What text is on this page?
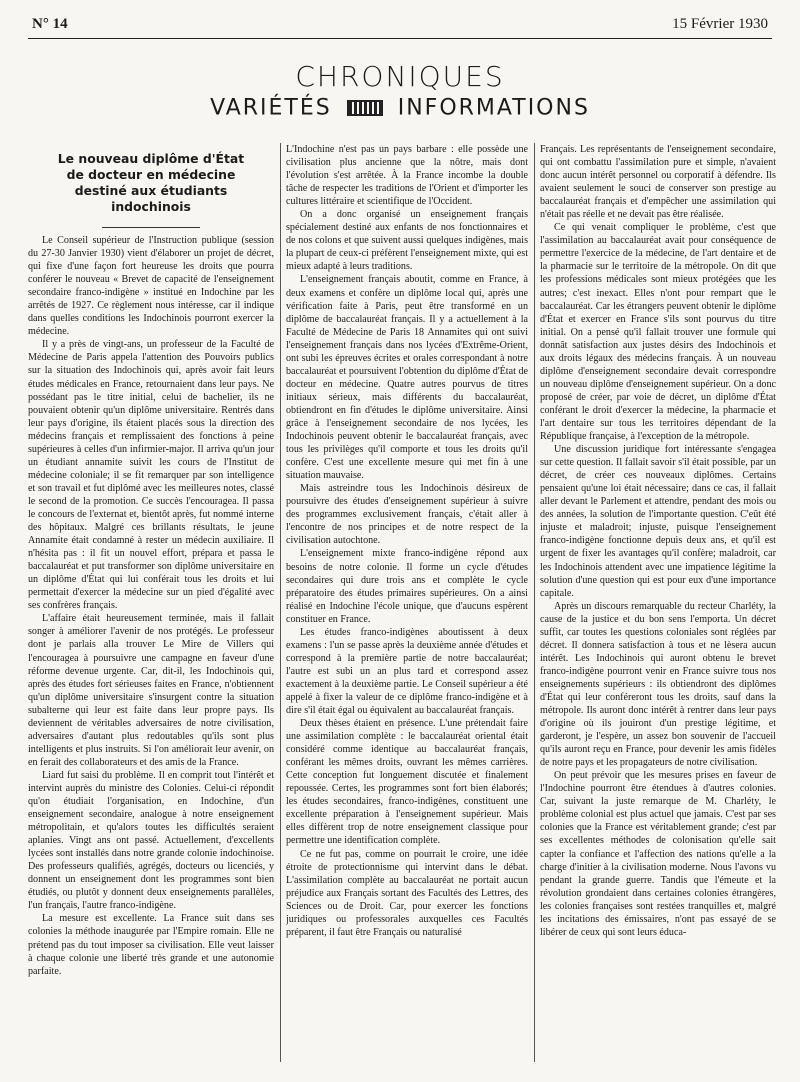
N° 14	15 Février 1930
CHRONIQUES
VARIÉTÉS	INFORMATIONS
Le nouveau diplôme d'État
de docteur en médecine
destiné aux étudiants indochinois

Le Conseil supérieur de l'Instruction publique (session du 27-30 Janvier 1930) vient d'élaborer un projet de décret, qui fixe d'une façon fort heureuse les droits que pourra conférer le nouveau « Brevet de capacité de l'enseignement secondaire franco-indigène » institué en Indochine par les arrêtés de 1927. Ce règlement nous intéresse, car il indique dans quelles conditions les Indochinois pourront exercer la médecine.

Il y a près de vingt-ans, un professeur de la Faculté de Médecine de Paris appela l'attention des Pouvoirs publics sur la situation des Indochinois qui, après avoir fait leurs études médicales en France, retournaient dans leur pays. Ne possédant pas le titre initial, celui de bachelier, ils ne pouvaient obtenir qu'un diplôme universitaire. Rentrés dans leur pays d'origine, ils étaient placés sous la direction des médecins français et remplissaient des fonctions à peine supérieures à celles d'un infirmier-major. Il arriva qu'un jour un étudiant annamite suivit les cours de l'Institut de médecine coloniale; il se fit remarquer par son intelligence et son travail et fut diplômé avec les meilleures notes, classé le second de la promotion. Ce succès l'encouragea. Il passa le concours de l'externat et, bientôt après, fut nommé interne des hôpitaux. Malgré ces brillants résultats, le jeune Annamite était condamné à rester un médecin auxiliaire. Il n'hésita pas : il fit un nouvel effort, prépara et passa le baccalauréat et put transformer son diplôme universitaire en un diplôme d'État qui lui conférait tous les droits et lui permettait d'exercer la médecine sur un pied d'égalité avec ses confrères français.

L'affaire était heureusement terminée, mais il fallait songer à améliorer l'avenir de nos protégés. Le professeur dont je parlais alla trouver Le Mire de Villers qui l'encouragea à poursuivre une campagne en faveur d'une réforme devenue urgente. Car, dit-il, les Indochinois qui, après des études fort sérieuses faites en France, n'obtiennent qu'un diplôme universitaire s'insurgent contre la situation subalterne qui leur est faite dans leur propre pays. Ils deviennent de véritables adversaires de notre civilisation, adversaires d'autant plus redoutables qu'ils sont plus intelligents et plus instruits. Si l'on améliorait leur avenir, on en ferait des collaborateurs et des amis de la France.

Liard fut saisi du problème. Il en comprit tout l'intérêt et intervint auprès du ministre des Colonies. Celui-ci répondit qu'on étudiait l'organisation, en Indochine, d'un enseignement secondaire, analogue à notre enseignement métropolitain, et qu'alors toutes les difficultés seraient aplanies. Vingt ans ont passé. Actuellement, d'excellents lycées sont installés dans notre grande colonie indochinoise. Des professeurs qualifiés, agrégés, docteurs ou licenciés, y donnent un enseignement dont les programmes sont bien étudiés, ou plutôt y donnent deux enseignements parallèles, l'un français, l'autre franco-indigène.

La mesure est excellente. La France suit dans ses colonies la méthode inaugurée par l'Empire romain. Elle ne prétend pas du tout imposer sa civilisation. Elle veut laisser à chaque colonie une liberté très grande et une autonomie parfaite.

L'Indochine n'est pas un pays barbare : elle possède une civilisation plus ancienne que la nôtre, mais dont l'évolution s'est arrêtée. À la France incombe la double tâche de respecter les traditions de l'Orient et d'importer les cultures littéraire et scientifique de l'Occident.

On a donc organisé un enseignement français spécialement destiné aux enfants de nos fonctionnaires et de nos colons et que suivent aussi quelques indigènes, mais la plupart de ceux-ci préfèrent l'enseignement mixte, qui est mieux adapté à leurs traditions.

L'enseignement français aboutit, comme en France, à deux examens et confère un diplôme local qui, après une vérification faite à Paris, peut être transformé en un diplôme de baccalauréat français. Il y a actuellement à la Faculté de Médecine de Paris 18 Annamites qui ont suivi l'enseignement français dans nos lycées d'Extrême-Orient, ont subi les épreuves écrites et orales correspondant à notre baccalauréat et poursuivent l'obtention du diplôme d'État de docteur en médecine. Quatre autres pourvus de titres initiaux sérieux, mais différents du baccalauréat, obtiendront en fin d'études le diplôme universitaire. Ainsi grâce à l'enseignement secondaire de nos lycées, les Indochinois peuvent obtenir le baccalauréat français, avec tous les privilèges qu'il comporte et tous les droits qu'il confère. C'est une excellente mesure qui met fin à une situation mauvaise.

Mais astreindre tous les Indochinois désireux de poursuivre des études d'enseignement supérieur à suivre des programmes exclusivement français, c'était aller à l'encontre de nos principes et de notre respect de la civilisation autochtone.

L'enseignement mixte franco-indigène répond aux besoins de notre colonie. Il forme un cycle d'études secondaires qui dure trois ans et complète le cycle préparatoire des études primaires supérieures. On a ainsi réalisé en Indochine l'école unique, que d'aucuns espèrent constituer en France.

Les études franco-indigènes aboutissent à deux examens : l'un se passe après la deuxième année d'études et correspond à la première partie de notre baccalauréat; l'autre est subi un an plus tard et correspond assez exactement à la deuxième partie. Le Conseil supérieur a été appelé à fixer la valeur de ce diplôme franco-indigène et à dire s'il était égal ou équivalent au baccalauréat français.

Deux thèses étaient en présence. L'une prétendait faire une assimilation complète : le baccalauréat oriental était considéré comme identique au baccalauréat français, conférant les mêmes droits, ouvrant les mêmes carrières. Cette conception fut longuement discutée et finalement repoussée. Certes, les programmes sont fort bien élaborés; les études secondaires, franco-indigènes, constituent une excellente préparation à l'enseignement supérieur. Mais elles diffèrent trop de notre enseignement classique pour permettre une identification complète.

Ce ne fut pas, comme on pourrait le croire, une idée étroite de protectionnisme qui intervint dans le débat. L'assimilation complète au baccalauréat ne portait aucun préjudice aux Français sortant des Facultés des Lettres, des Sciences ou de Droit. Car, pour exercer les fonctions juridiques ou professorales auxquelles ces Facultés préparent, il faut être Français ou naturalisé

Français. Les représentants de l'enseignement secondaire, qui ont combattu l'assimilation pure et simple, n'avaient donc aucun intérêt personnel ou corporatif à défendre. Ils avaient seulement le souci de conserver son prestige au baccalauréat français et d'empêcher une assimilation qui n'était pas réelle et ne devait pas être réalisée.

Ce qui venait compliquer le problème, c'est que l'assimilation au baccalauréat avait pour conséquence de permettre l'exercice de la médecine, de l'art dentaire et de la pharmacie sur le territoire de la métropole. On dit que les professions médicales sont mieux protégées que les autres; c'est inexact. Elles n'ont pour rempart que le baccalauréat. Car les étrangers peuvent obtenir le diplôme d'État et exercer en France s'ils sont pourvus du titre initial. On a pensé qu'il fallait trouver une formule qui donnât satisfaction aux justes désirs des Indochinois et aux droits légaux des médecins français. À un nouveau diplôme d'enseignement secondaire devait correspondre un nouveau diplôme d'enseignement supérieur. On a donc proposé de créer, par voie de décret, un diplôme d'État conférant le droit d'exercer la médecine, la pharmacie et l'art dentaire sur tous les territoires dépendant de la République française, à l'exception de la métropole.

Une discussion juridique fort intéressante s'engagea sur cette question. Il fallait savoir s'il était possible, par un décret, de créer ces nouveaux diplômes. Certains pensaient qu'une loi était nécessaire; dans ce cas, il fallait aller devant le Parlement et attendre, pendant des mois ou des années, la solution de l'importante question. C'eût été injuste et maladroit; injuste, puisque l'enseignement franco-indigène fonctionne depuis deux ans, et qu'il est urgent de fixer les avantages qu'il confère; maladroit, car les Indochinois attendent avec une impatience légitime la solution d'une question qui est pour eux d'une importance capitale.

Après un discours remarquable du recteur Charléty, la cause de la justice et du bon sens l'emporta. Un décret suffit, car toutes les questions coloniales sont réglées par décret. Il donnera satisfaction à tous et ne lèsera aucun intérêt. Les Indochinois qui auront obtenu le brevet franco-indigène pourront venir en France suivre tous nos enseignements supérieurs : ils obtiendront des diplômes d'État qui leur conféreront tous les droits, sauf dans la métropole. Ils auront donc intérêt à rentrer dans leur pays d'origine où ils jouiront d'un prestige légitime, et garderont, je l'espère, un assez bon souvenir de l'accueil qu'ils auront reçu en France, pour devenir les amis fidèles de notre pays et les propagateurs de notre civilisation.

On peut prévoir que les mesures prises en faveur de l'Indochine pourront être étendues à d'autres colonies. Car, suivant la juste remarque de M. Charléty, le problème colonial est plus actuel que jamais. C'est par ses colonies que la France est véritablement grande; c'est par ses excellentes méthodes de colonisation qu'elle sait capter la confiance et l'affection des nations qu'elle a la charge d'initier à la civilisation moderne. Nous l'avons vu pendant la grande guerre. Tandis que l'émeute et la révolution grondaient dans certaines colonies étrangères, les colonies françaises sont restées tranquilles et, malgré les incitations des émissaires, n'ont pas essayé de se libérer de ceux qui sont leurs éduca-
